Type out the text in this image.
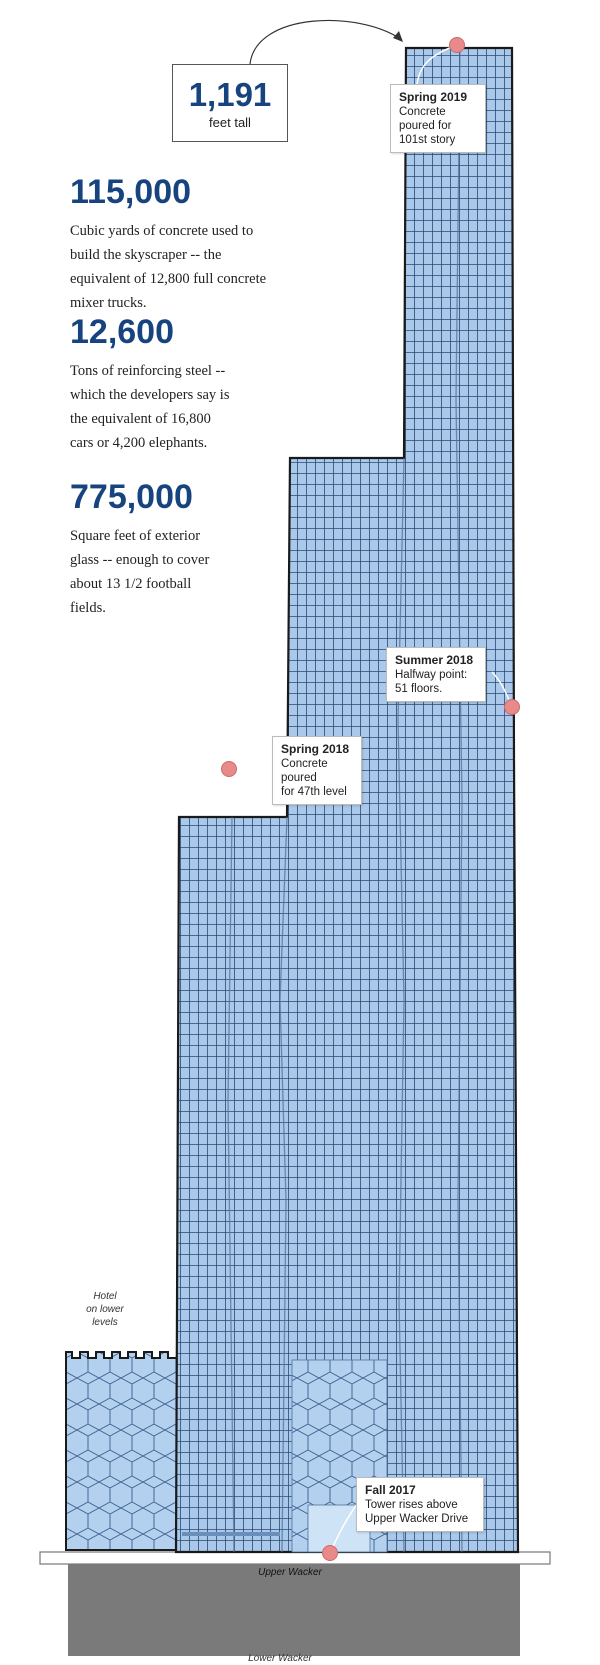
1,191
feet tall
115,000
Cubic yards of concrete used to build the skyscraper -- the equivalent of 12,800 full concrete mixer trucks.
12,600
Tons of reinforcing steel -- which the developers say is the equivalent of 16,800 cars or 4,200 elephants.
775,000
Square feet of exterior glass -- enough to cover about 13 1/2 football fields.
Spring 2019
Concrete
poured for
101st story
Summer 2018
Halfway point:
51 floors.
Spring 2018
Concrete poured
for 47th level
Fall 2017
Tower rises above
Upper Wacker Drive
Hotel
on lower
levels
Upper Wacker
Lower Wacker
